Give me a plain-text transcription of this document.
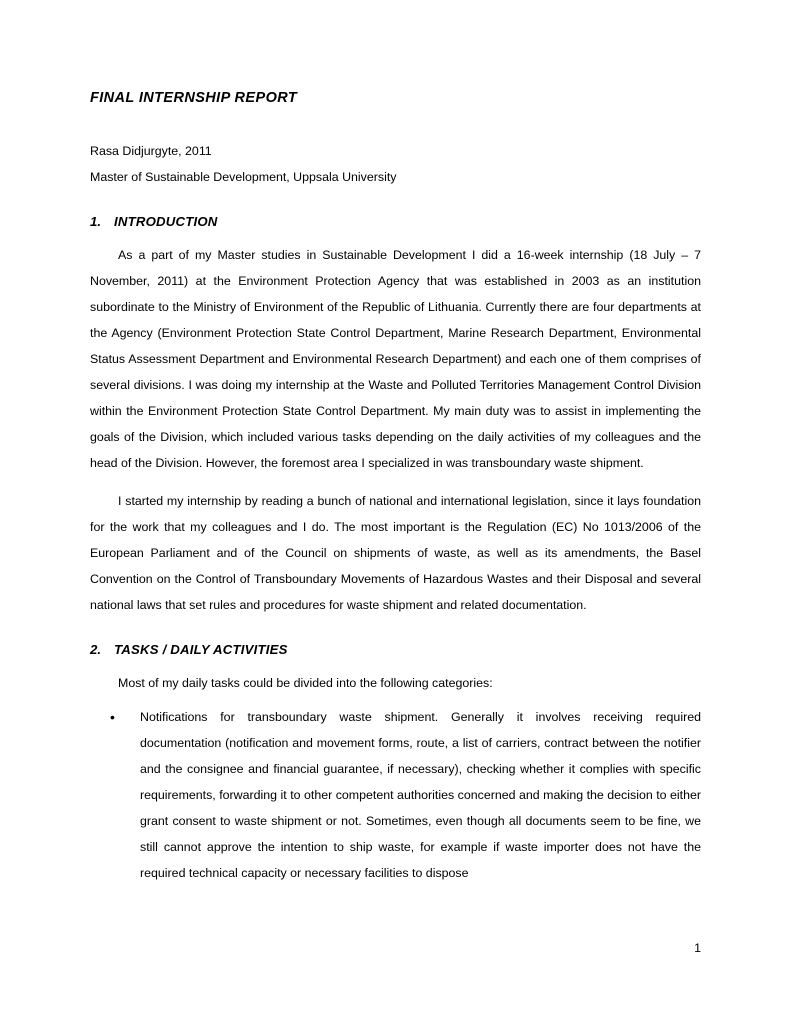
FINAL INTERNSHIP REPORT

Rasa Didjurgyte, 2011

Master of Sustainable Development, Uppsala University

1. INTRODUCTION

As a part of my Master studies in Sustainable Development I did a 16-week internship (18 July – 7 November, 2011) at the Environment Protection Agency that was established in 2003 as an institution subordinate to the Ministry of Environment of the Republic of Lithuania. Currently there are four departments at the Agency (Environment Protection State Control Department, Marine Research Department, Environmental Status Assessment Department and Environmental Research Department) and each one of them comprises of several divisions. I was doing my internship at the Waste and Polluted Territories Management Control Division within the Environment Protection State Control Department. My main duty was to assist in implementing the goals of the Division, which included various tasks depending on the daily activities of my colleagues and the head of the Division. However, the foremost area I specialized in was transboundary waste shipment.

I started my internship by reading a bunch of national and international legislation, since it lays foundation for the work that my colleagues and I do. The most important is the Regulation (EC) No 1013/2006 of the European Parliament and of the Council on shipments of waste, as well as its amendments, the Basel Convention on the Control of Transboundary Movements of Hazardous Wastes and their Disposal and several national laws that set rules and procedures for waste shipment and related documentation.

2. TASKS / DAILY ACTIVITIES

Most of my daily tasks could be divided into the following categories:

• Notifications for transboundary waste shipment. Generally it involves receiving required documentation (notification and movement forms, route, a list of carriers, contract between the notifier and the consignee and financial guarantee, if necessary), checking whether it complies with specific requirements, forwarding it to other competent authorities concerned and making the decision to either grant consent to waste shipment or not. Sometimes, even though all documents seem to be fine, we still cannot approve the intention to ship waste, for example if waste importer does not have the required technical capacity or necessary facilities to dispose
1
